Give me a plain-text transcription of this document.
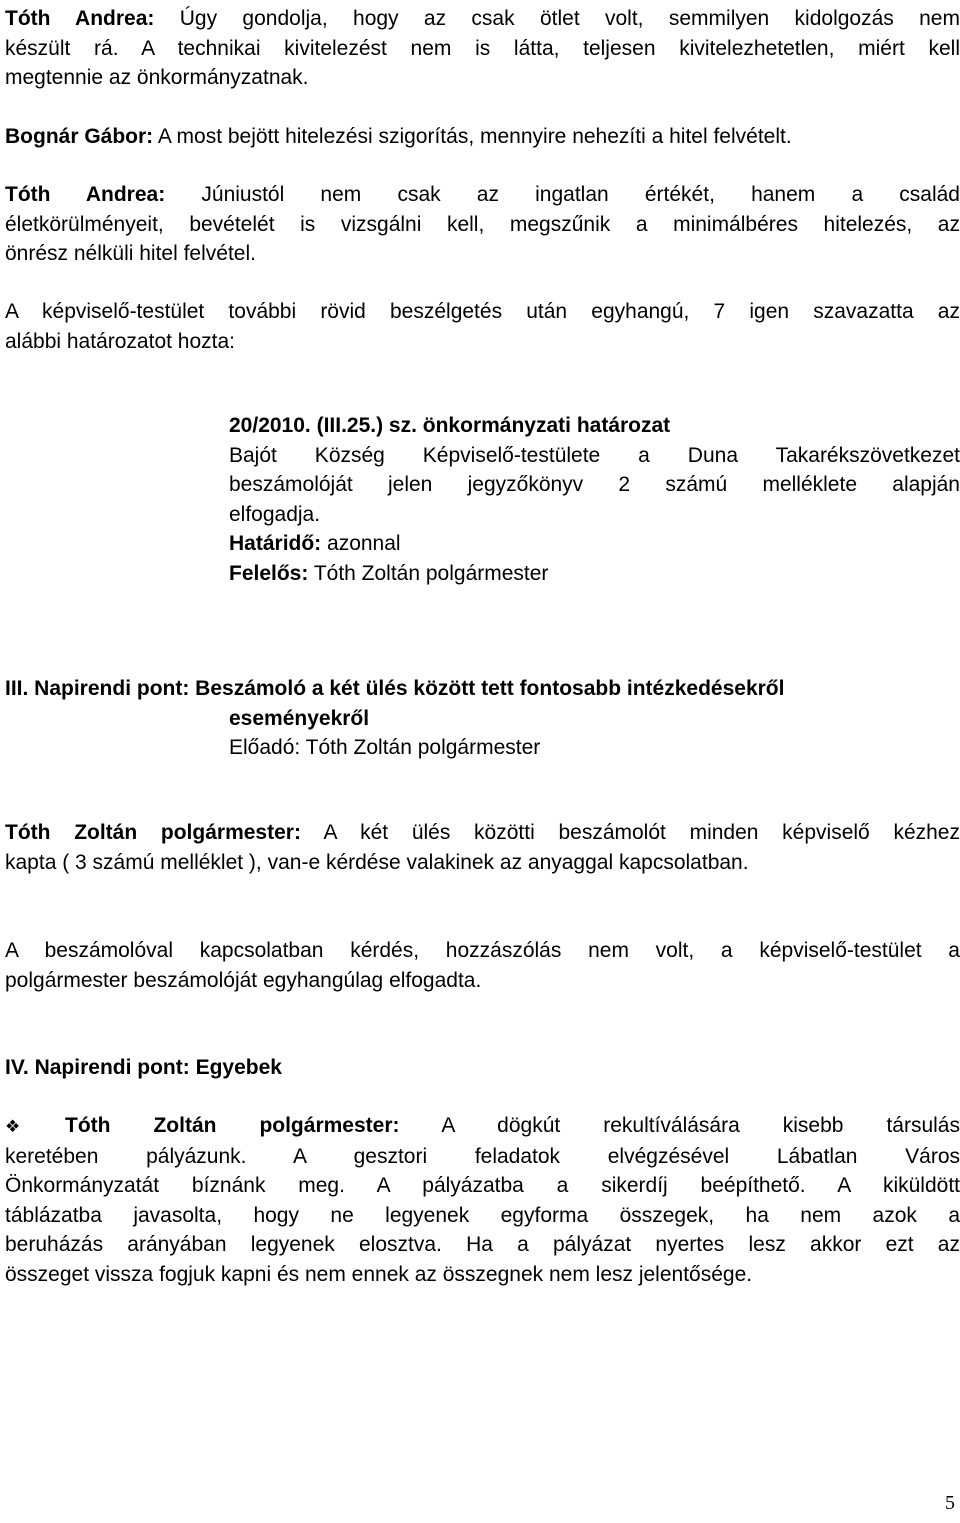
Tóth Andrea: Úgy gondolja, hogy az csak ötlet volt, semmilyen kidolgozás nem
készült rá. A technikai kivitelezést nem is látta, teljesen kivitelezhetetlen, miért kell
megtennie az önkormányzatnak.
Bognár Gábor: A most bejött hitelezési szigorítás, mennyire nehezíti a hitel felvételt.
Tóth Andrea: Júniustól nem csak az ingatlan értékét, hanem a család
életkörülményeit, bevételét is vizsgálni kell, megszűnik a minimálbéres hitelezés, az
önrész nélküli hitel felvétel.
A képviselő-testület további rövid beszélgetés után egyhangú, 7 igen szavazatta az
alábbi határozatot hozta:
20/2010. (III.25.) sz. önkormányzati határozat
Bajót Község Képviselő-testülete a Duna Takarékszövetkezet
beszámolóját jelen jegyzőkönyv 2 számú melléklete alapján
elfogadja.
Határidő: azonnal
Felelős: Tóth Zoltán polgármester
III. Napirendi pont: Beszámoló a két ülés között tett fontosabb intézkedésekről
eseményekről
Előadó: Tóth Zoltán polgármester
Tóth Zoltán polgármester: A két ülés közötti beszámolót minden képviselő kézhez
kapta ( 3 számú melléklet ), van-e kérdése valakinek az anyaggal kapcsolatban.
A beszámolóval kapcsolatban kérdés, hozzászólás nem volt, a képviselő-testület a
polgármester beszámolóját egyhangúlag elfogadta.
IV. Napirendi pont: Egyebek
❖ Tóth Zoltán polgármester: A dögkút rekultíválására kisebb társulás
keretében pályázunk. A gesztori feladatok elvégzésével Lábatlan Város
Önkormányzatát bíznánk meg. A pályázatba a sikerdíj beépíthető. A kiküldött
táblázatba javasolta, hogy ne legyenek egyforma összegek, ha nem azok a
beruházás arányában legyenek elosztva. Ha a pályázat nyertes lesz akkor ezt az
összeget vissza fogjuk kapni és nem ennek az összegnek nem lesz jelentősége.
5
